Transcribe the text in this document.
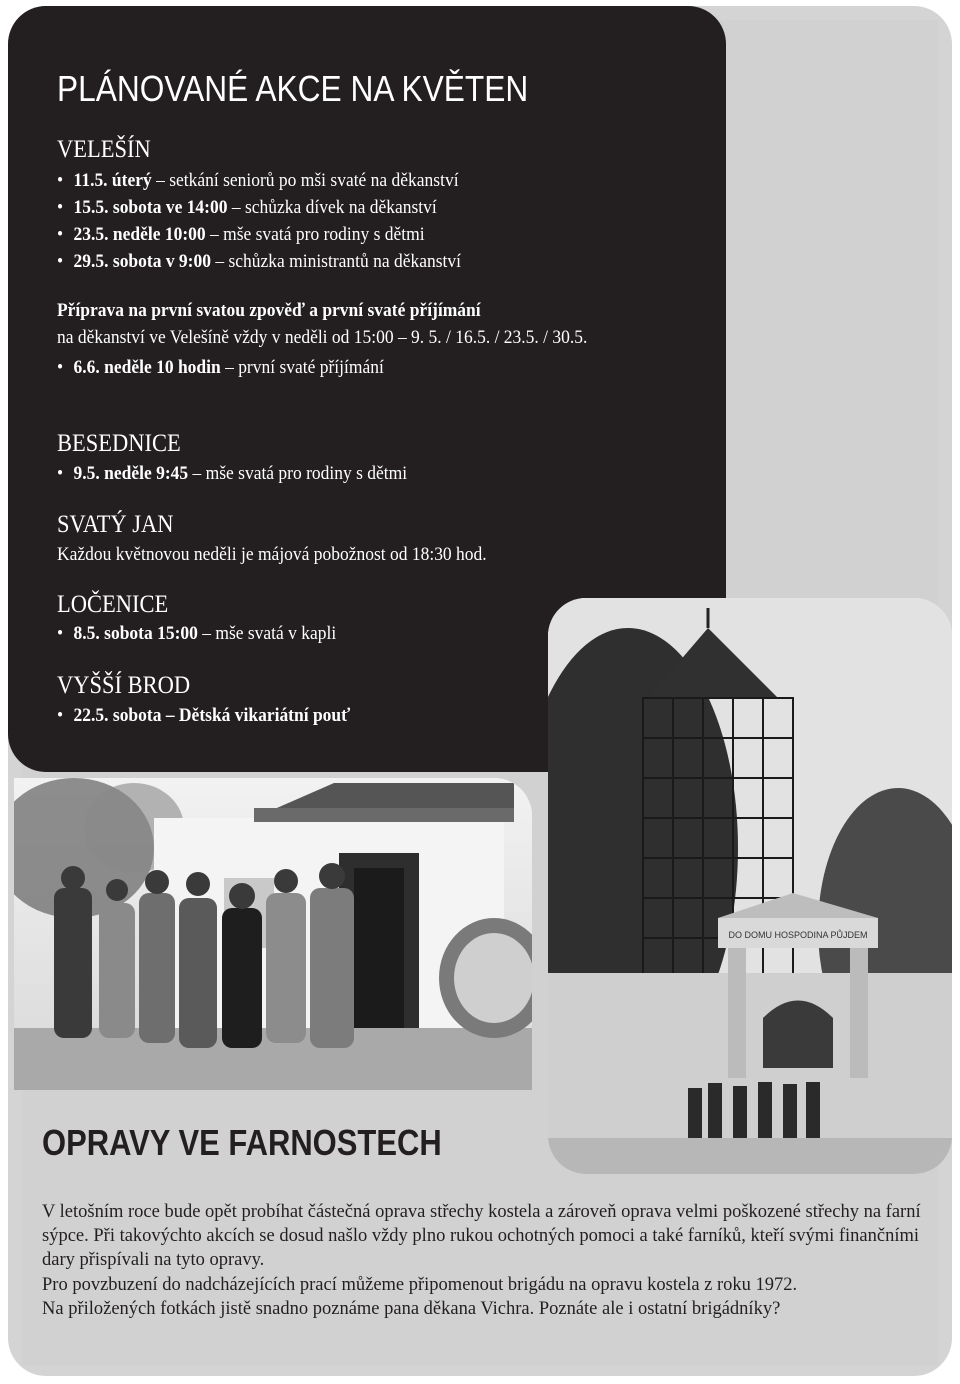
PLÁNOVANÉ AKCE NA KVĚTEN
VELEŠÍN
• 11.5. úterý – setkání seniorů po mši svaté na děkanství
• 15.5. sobota ve 14:00 – schůzka dívek na děkanství
• 23.5. neděle 10:00 – mše svatá pro rodiny s dětmi
• 29.5. sobota v 9:00 – schůzka ministrantů na děkanství
Příprava na první svatou zpověď a první svaté příjímání
na děkanství ve Velešíně vždy v neděli od 15:00 – 9. 5. / 16.5. / 23.5. / 30.5.
• 6.6. neděle 10 hodin – první svaté příjímání
BESEDNICE
• 9.5. neděle 9:45 – mše svatá pro rodiny s dětmi
SVATÝ JAN
Každou květnovou neděli je májová pobožnost od 18:30 hod.
LOČENICE
• 8.5. sobota 15:00 – mše svatá v kapli
VYŠŠÍ BROD
• 22.5. sobota – Dětská vikariátní pouť
DO DOMU HOSPODINA PŮJDEM
OPRAVY VE FARNOSTECH

V letošním roce bude opět probíhat částečná oprava střechy kostela a zároveň oprava velmi poškozené střechy na farní sýpce. Při takovýchto akcích se dosud našlo vždy plno rukou ochotných pomoci a také farníků, kteří svými finančními dary přispívali na tyto opravy.

Pro povzbuzení do nadcházejících prací můžeme připomenout brigádu na opravu kostela z roku 1972.

Na přiložených fotkách jistě snadno poznáme pana děkana Vichra. Poznáte ale i ostatní brigádníky?
